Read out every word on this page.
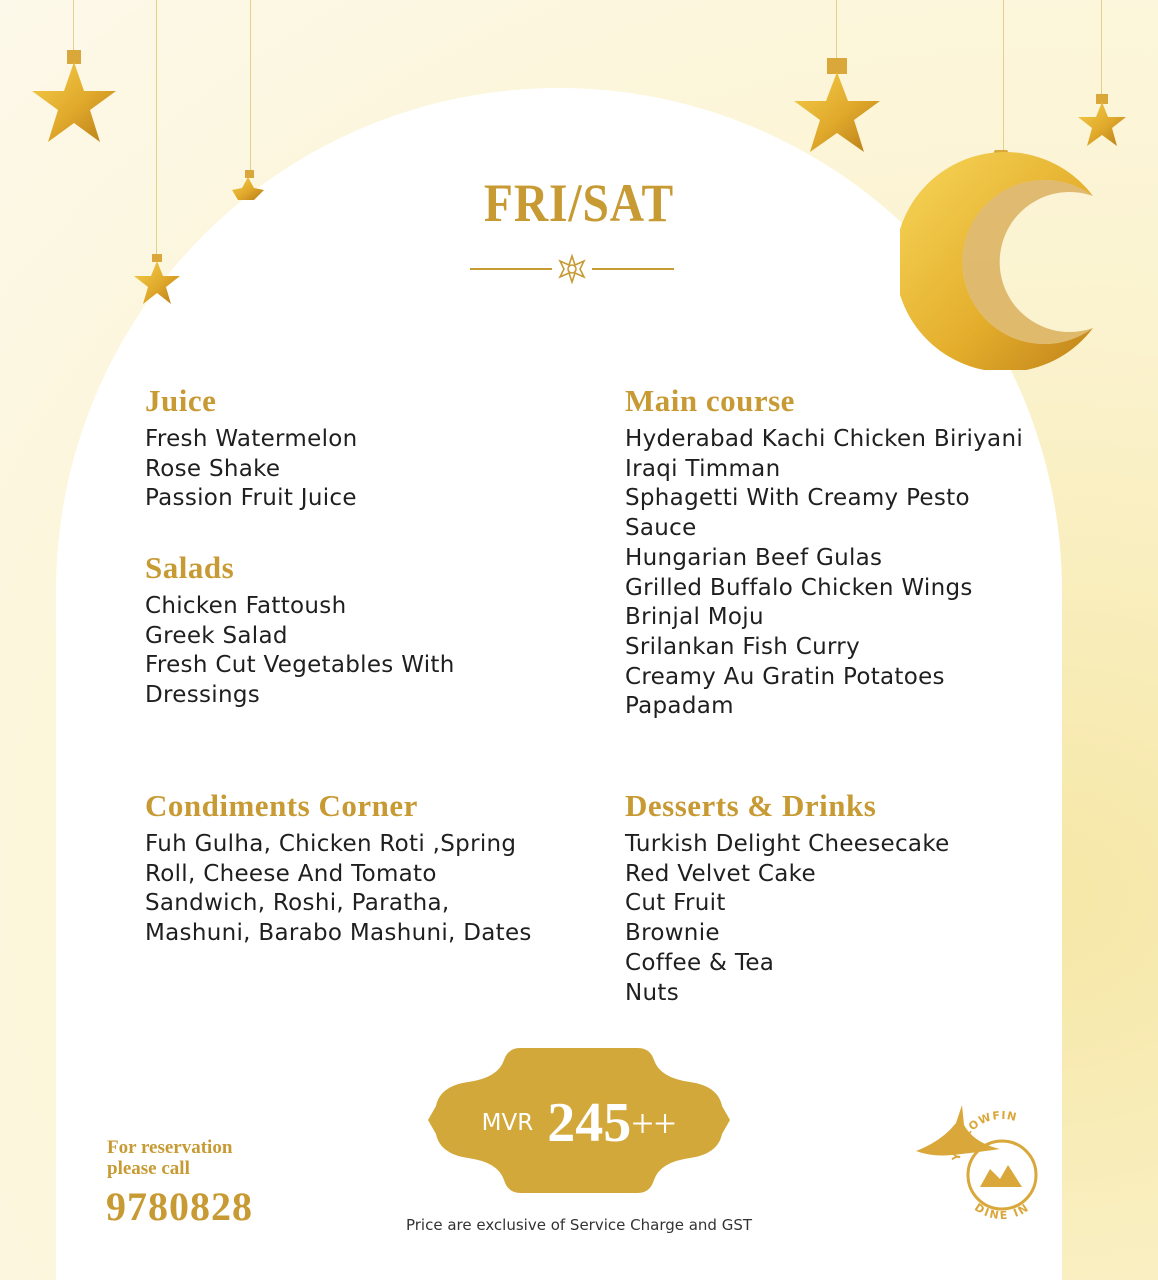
FRI/SAT
Juice
Fresh Watermelon
Rose Shake
Passion Fruit Juice
Salads
Chicken Fattoush
Greek Salad
Fresh Cut Vegetables With
Dressings
Condiments Corner
Fuh Gulha, Chicken Roti ,Spring
Roll, Cheese And Tomato
Sandwich, Roshi, Paratha,
Mashuni, Barabo Mashuni, Dates
Main course
Hyderabad Kachi Chicken Biriyani
Iraqi Timman
Sphagetti With Creamy Pesto
Sauce
Hungarian Beef Gulas
Grilled Buffalo Chicken Wings
Brinjal Moju
Srilankan Fish Curry
Creamy Au Gratin Potatoes
Papadam
Desserts & Drinks
Turkish Delight Cheesecake
Red Velvet Cake
Cut Fruit
Brownie
Coffee & Tea
Nuts
MVR 245 ++
Price are exclusive of Service Charge and GST
For reservation
please call
9780828
YELLOWFIN
DINE IN
